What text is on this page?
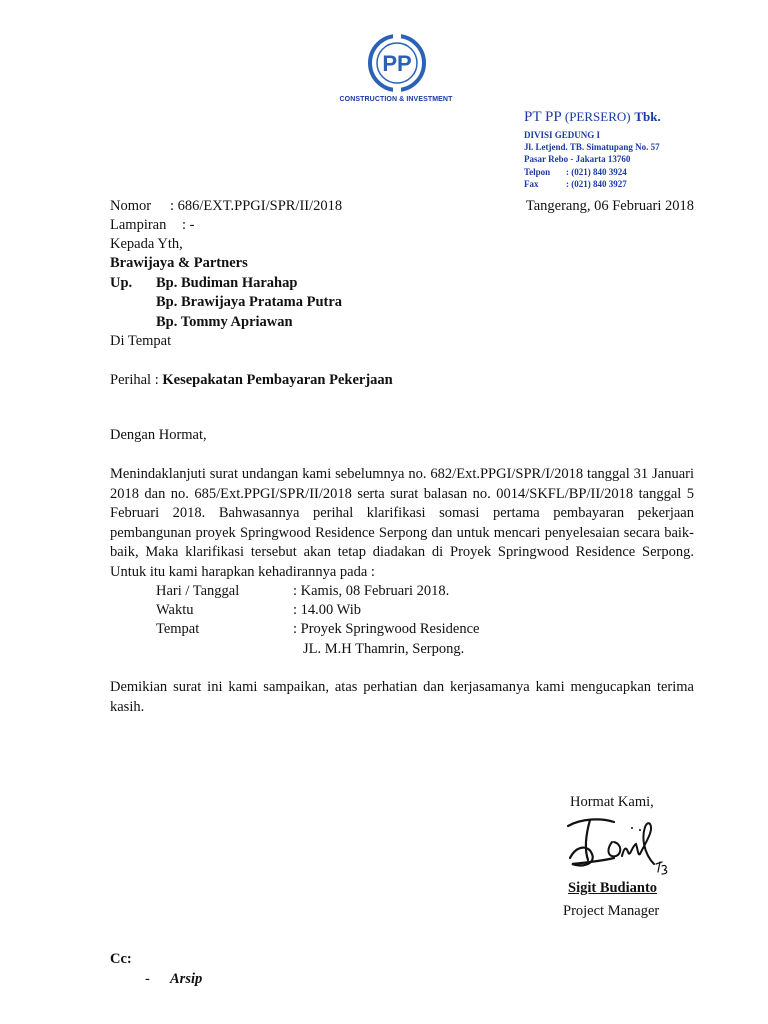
PP
CONSTRUCTION & INVESTMENT
PT PP (PERSERO) Tbk.
DIVISI GEDUNG I
Jl. Letjend. TB. Simatupang No. 57
Pasar Rebo - Jakarta 13760
Telpon : (021) 840 3924
Fax	: (021) 840 3927
Nomor : 686/EXT.PPGI/SPR/II/2018	Tangerang, 06 Februari 2018
Lampiran : -
Kepada Yth,
Brawijaya & Partners
Up. Bp. Budiman Harahap
Bp. Brawijaya Pratama Putra
Bp. Tommy Apriawan
Di Tempat
Perihal : Kesepakatan Pembayaran Pekerjaan
Dengan Hormat,
Menindaklanjuti surat undangan kami sebelumnya no. 682/Ext.PPGI/SPR/I/2018 tanggal 31 Januari 2018 dan no. 685/Ext.PPGI/SPR/II/2018 serta surat balasan no. 0014/SKFL/BP/II/2018 tanggal 5 Februari 2018. Bahwasannya perihal klarifikasi somasi pertama pembayaran pekerjaan pembangunan proyek Springwood Residence Serpong dan untuk mencari penyelesaian secara baik-baik, Maka klarifikasi tersebut akan tetap diadakan di Proyek Springwood Residence Serpong. Untuk itu kami harapkan kehadirannya pada :
Hari / Tanggal	: Kamis, 08 Februari 2018.
Waktu	: 14.00 Wib
Tempat	: Proyek Springwood Residence
JL. M.H Thamrin, Serpong.
Demikian surat ini kami sampaikan, atas perhatian dan kerjasamanya kami mengucapkan terima kasih.
Hormat Kami,
Sigit Budianto
Project Manager
Cc:
- Arsip
